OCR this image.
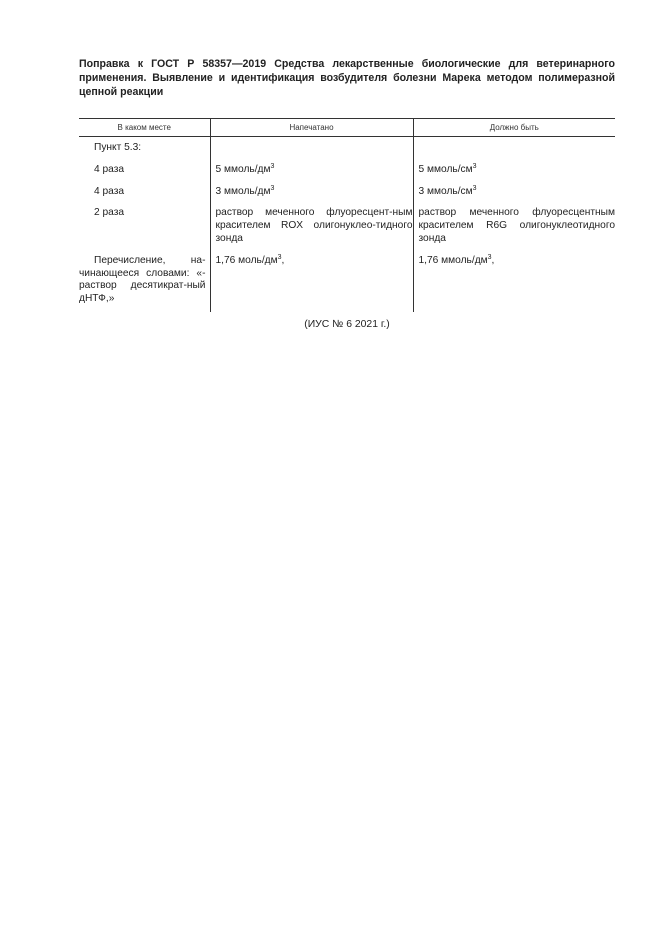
Поправка к ГОСТ Р 58357—2019 Средства лекарственные биологические для ветеринарного применения. Выявление и идентификация возбудителя болезни Марека методом полимеразной цепной реакции

В каком месте	Напечатано	Должно быть

Пункт 5.3:		

4 раза	5 ммоль/$дм^3$	5 ммоль/$см^3$

4 раза	3 ммоль/$дм^3$	3 ммоль/$см^3$

2 раза	раствор меченного флуоресцент-ным красителем ROX олигонуклео-тидного зонда	раствор меченного флуоресцентным красителем R6G олигонуклеотидного зонда

Перечисление, на-чинающееся словами: «- раствор десятикрат-ный дНТФ,»	1,76 моль/$дм^3$,	1,76 ммоль/$дм^3$,
(ИУС № 6 2021 г.)
